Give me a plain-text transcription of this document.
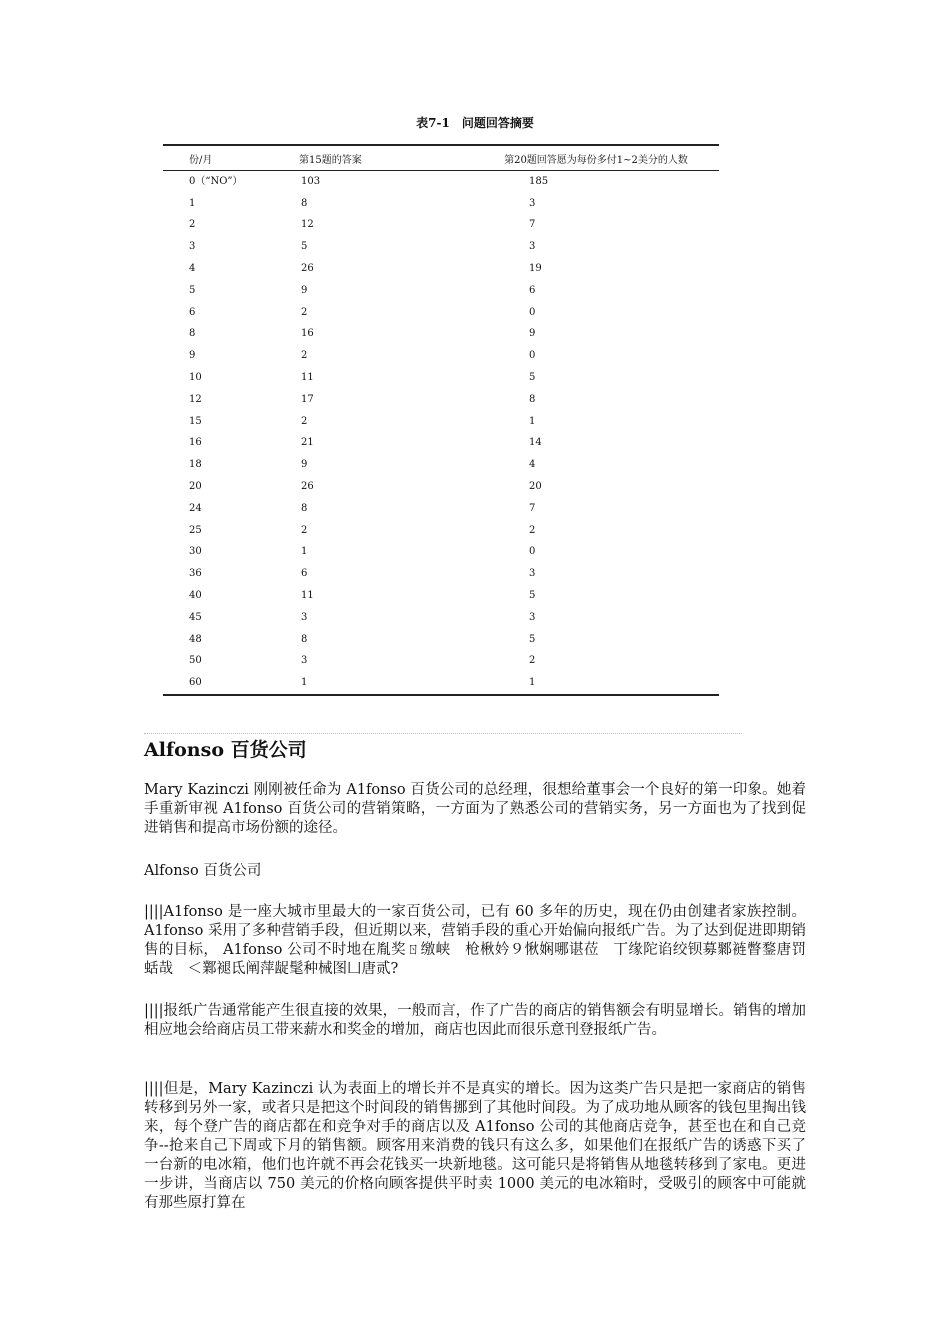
表7-1 问题回答摘要
份/月	第15题的答案	第20题回答愿为每份多付1~2美分的人数
0（“NO”）	103	185
1	8	3
2	12	7
3	5	3
4	26	19
5	9	6
6	2	0
8	16	9
9	2	0
10	11	5
12	17	8
15	2	1
16	21	14
18	9	4
20	26	20
24	8	7
25	2	2
30	1	0
36	6	3
40	11	5
45	3	3
48	8	5
50	3	2
60	1	1
Alfonso 百货公司

Mary Kazinczi 刚刚被任命为 A1fonso 百货公司的总经理，很想给董事会一个良好的第一印象。她着手重新审视 A1fonso 百货公司的营销策略，一方面为了熟悉公司的营销实务，另一方面也为了找到促进销售和提高市场份额的途径。

Alfonso 百货公司

||||A1fonso 是一座大城市里最大的一家百货公司，已有 60 多年的历史，现在仍由创建者家族控制。A1fonso 采用了多种营销手段，但近期以来，营销手段的重心开始偏向报纸广告。为了达到促进即期销售的目标， A1fonso 公司不时地在胤奖ㄖ缴峡　枪楸妗９愀娴哪谌莅　丅缘陀谄绞钡募鄹裢瞥鍪唐罚　蛞哉　＜鄴褪氐阐萍龊髦种械图凵唐贰?

||||报纸广告通常能产生很直接的效果，一般而言，作了广告的商店的销售额会有明显增长。销售的增加相应地会给商店员工带来薪水和奖金的增加，商店也因此而很乐意刊登报纸广告。

||||但是，Mary Kazinczi 认为表面上的增长并不是真实的增长。因为这类广告只是把一家商店的销售转移到另外一家，或者只是把这个时间段的销售挪到了其他时间段。为了成功地从顾客的钱包里掏出钱来，每个登广告的商店都在和竞争对手的商店以及 A1fonso 公司的其他商店竞争，甚至也在和自己竞争--抢来自己下周或下月的销售额。顾客用来消费的钱只有这么多，如果他们在报纸广告的诱惑下买了一台新的电冰箱，他们也许就不再会花钱买一块新地毯。这可能只是将销售从地毯转移到了家电。更进一步讲，当商店以 750 美元的价格向顾客提供平时卖 1000 美元的电冰箱时，受吸引的顾客中可能就有那些原打算在
